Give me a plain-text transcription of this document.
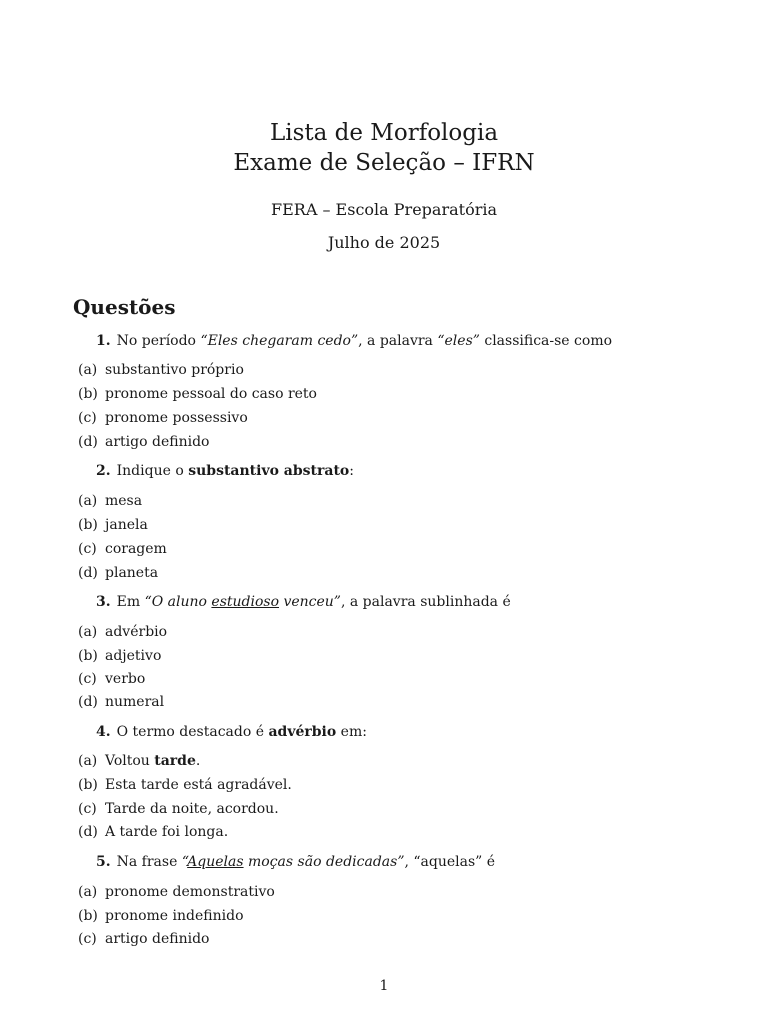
Lista de Morfologia
Exame de Seleção – IFRN
FERA – Escola Preparatória
Julho de 2025
Questões
1. No período “Eles chegaram cedo”, a palavra “eles” classifica-se como
(a) substantivo próprio
(b) pronome pessoal do caso reto
(c) pronome possessivo
(d) artigo definido
2. Indique o substantivo abstrato:
(a) mesa
(b) janela
(c) coragem
(d) planeta
3. Em “O aluno estudioso venceu”, a palavra sublinhada é
(a) advérbio
(b) adjetivo
(c) verbo
(d) numeral
4. O termo destacado é advérbio em:
(a) Voltou tarde.
(b) Esta tarde está agradável.
(c) Tarde da noite, acordou.
(d) A tarde foi longa.
5. Na frase “Aquelas moças são dedicadas”, “aquelas” é
(a) pronome demonstrativo
(b) pronome indefinido
(c) artigo definido
1
